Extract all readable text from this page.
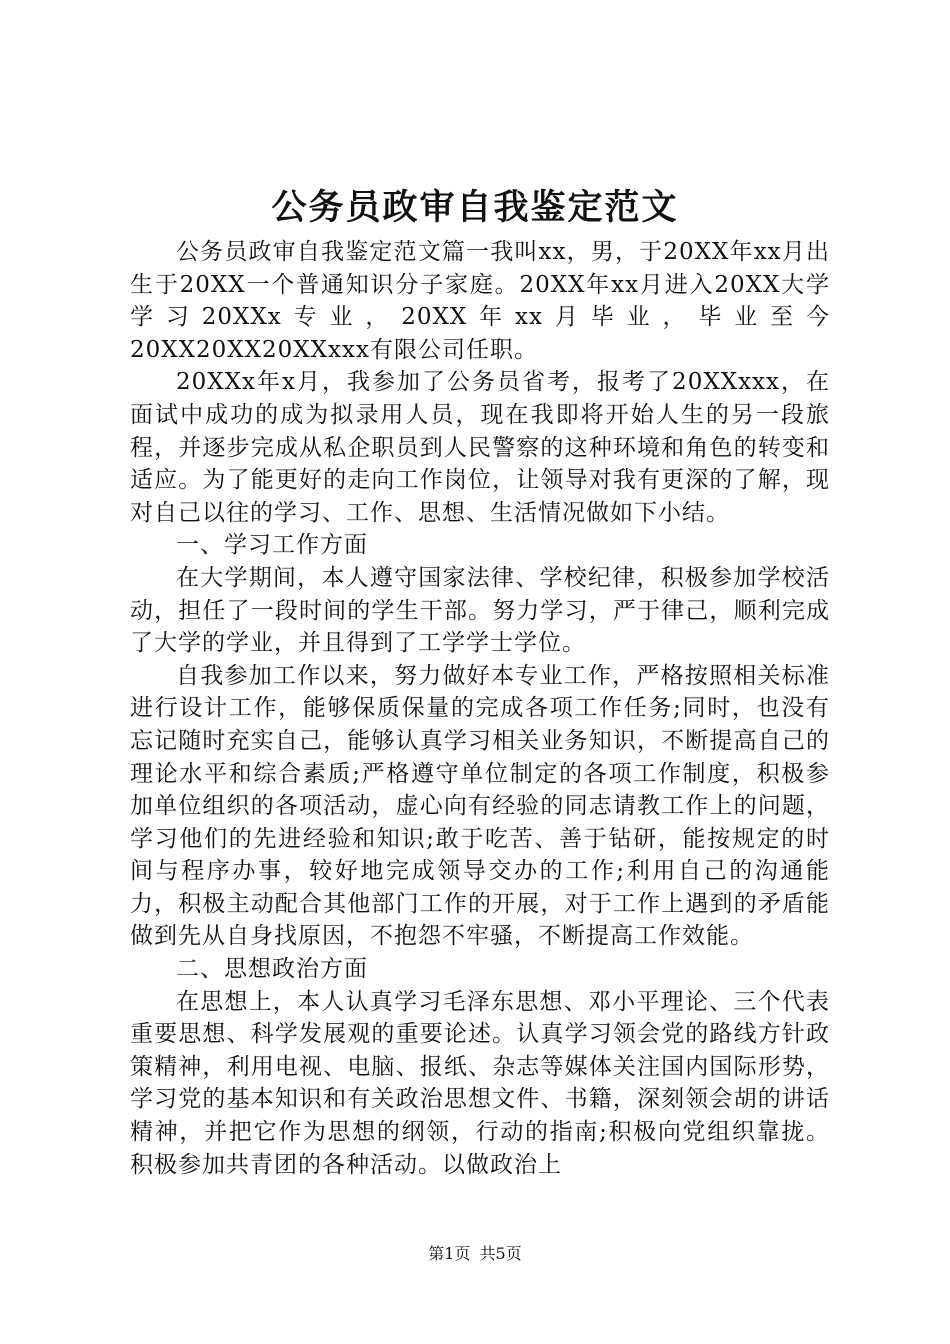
公务员政审自我鉴定范文

公务员政审自我鉴定范文篇一我叫xx，男，于20XX年xx月出生于20XX一个普通知识分子家庭。20XX年xx月进入20XX大学学习20XXx专业，20XX年xx月毕业，毕业至今20XX20XX20XXxxx有限公司任职。

20XXx年x月，我参加了公务员省考，报考了20XXxxx，在面试中成功的成为拟录用人员，现在我即将开始人生的另一段旅程，并逐步完成从私企职员到人民警察的这种环境和角色的转变和适应。为了能更好的走向工作岗位，让领导对我有更深的了解，现对自己以往的学习、工作、思想、生活情况做如下小结。

一、学习工作方面

在大学期间，本人遵守国家法律、学校纪律，积极参加学校活动，担任了一段时间的学生干部。努力学习，严于律己，顺利完成了大学的学业，并且得到了工学学士学位。

自我参加工作以来，努力做好本专业工作，严格按照相关标准进行设计工作，能够保质保量的完成各项工作任务;同时，也没有忘记随时充实自己，能够认真学习相关业务知识，不断提高自己的理论水平和综合素质;严格遵守单位制定的各项工作制度，积极参加单位组织的各项活动，虚心向有经验的同志请教工作上的问题，学习他们的先进经验和知识;敢于吃苦、善于钻研，能按规定的时间与程序办事，较好地完成领导交办的工作;利用自己的沟通能力，积极主动配合其他部门工作的开展，对于工作上遇到的矛盾能做到先从自身找原因，不抱怨不牢骚，不断提高工作效能。

二、思想政治方面

在思想上，本人认真学习毛泽东思想、邓小平理论、三个代表重要思想、科学发展观的重要论述。认真学习领会党的路线方针政策精神，利用电视、电脑、报纸、杂志等媒体关注国内国际形势，学习党的基本知识和有关政治思想文件、书籍，深刻领会胡的讲话精神，并把它作为思想的纲领，行动的指南;积极向党组织靠拢。积极参加共青团的各种活动。以做政治上

第1页 共5页
